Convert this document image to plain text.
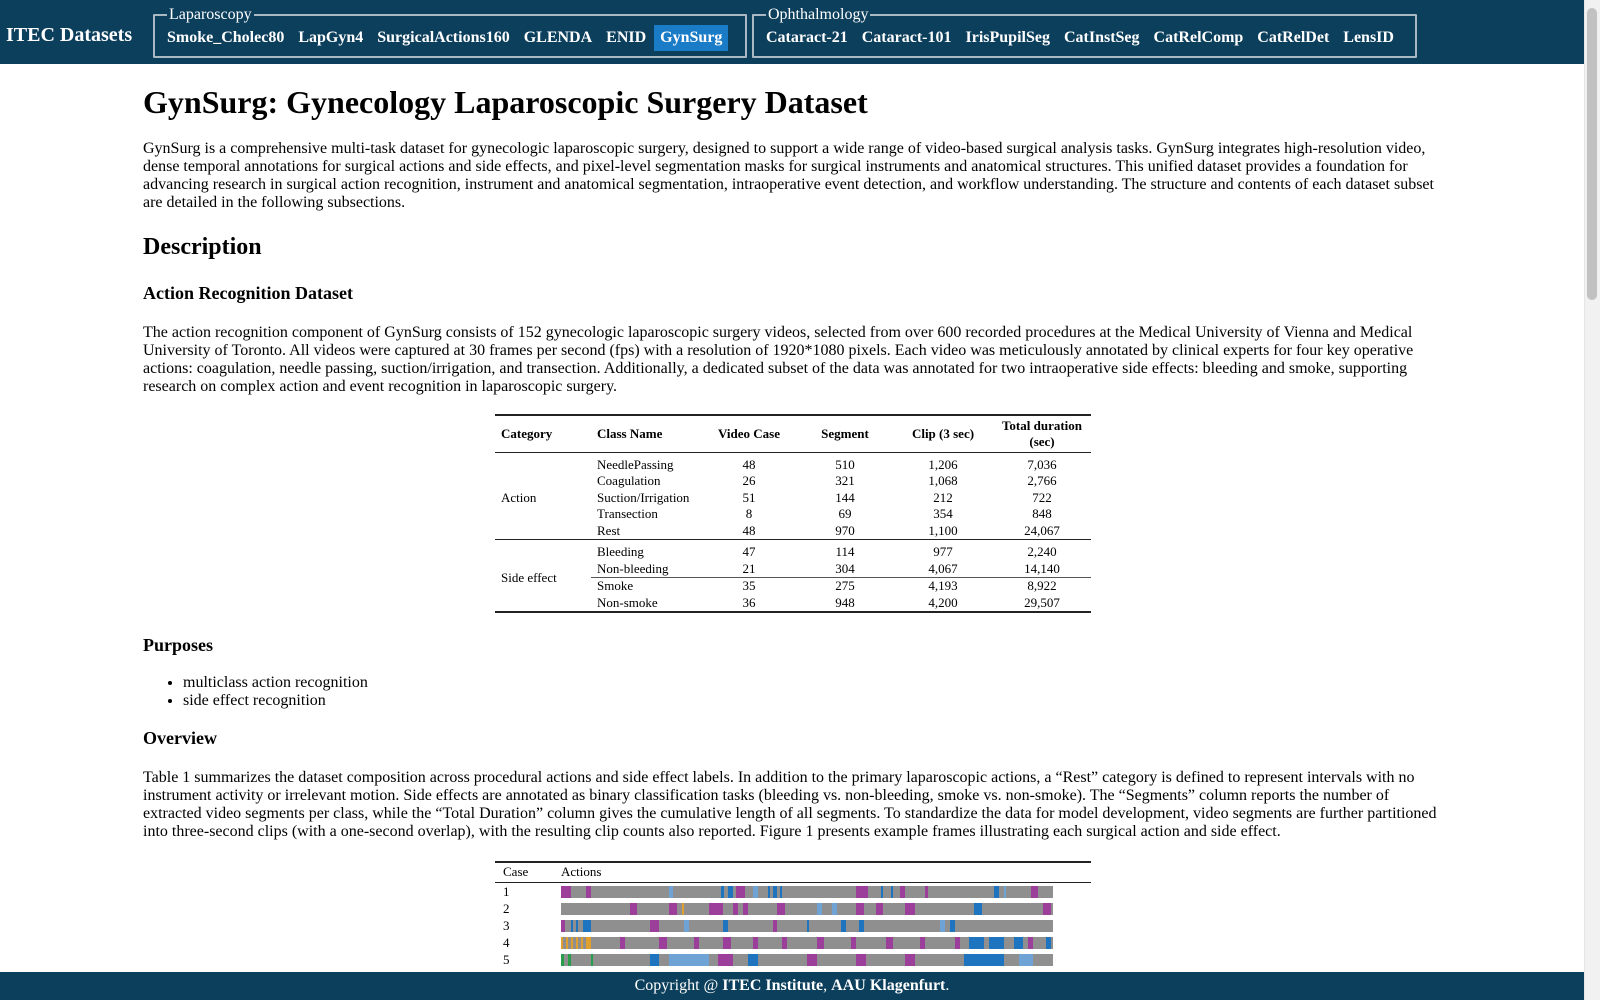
ITEC Datasets
Laparoscopy
Smoke_Cholec80 LapGyn4 SurgicalActions160 GLENDA ENID GynSurg
Ophthalmology
Cataract-21 Cataract-101 IrisPupilSeg CatInstSeg CatRelComp CatRelDet LensID
GynSurg: Gynecology Laparoscopic Surgery Dataset

GynSurg is a comprehensive multi-task dataset for gynecologic laparoscopic surgery, designed to support a wide range of video-based surgical analysis tasks. GynSurg integrates high-resolution video, dense temporal annotations for surgical actions and side effects, and pixel-level segmentation masks for surgical instruments and anatomical structures. This unified dataset provides a foundation for advancing research in surgical action recognition, instrument and anatomical segmentation, intraoperative event detection, and workflow understanding. The structure and contents of each dataset subset are detailed in the following subsections.

Description
Action Recognition Dataset

The action recognition component of GynSurg consists of 152 gynecologic laparoscopic surgery videos, selected from over 600 recorded procedures at the Medical University of Vienna and Medical University of Toronto. All videos were captured at 30 frames per second (fps) with a resolution of 1920*1080 pixels. Each video was meticulously annotated by clinical experts for four key operative actions: coagulation, needle passing, suction/irrigation, and transection. Additionally, a dedicated subset of the data was annotated for two intraoperative side effects: bleeding and smoke, supporting research on complex action and event recognition in laparoscopic surgery.

Category	Class Name	Video Case	Segment	Clip (3 sec)	Total duration (sec)
Action	NeedlePassing	48	510	1,206	7,036
	Coagulation	26	321	1,068	2,766
	Suction/Irrigation	51	144	212	722
	Transection	8	69	354	848
	Rest	48	970	1,100	24,067
Side effect	Bleeding	47	114	977	2,240
	Non-bleeding	21	304	4,067	14,140
	Smoke	35	275	4,193	8,922
	Non-smoke	36	948	4,200	29,507
Purposes
• multiclass action recognition
• side effect recognition
Overview

Table 1 summarizes the dataset composition across procedural actions and side effect labels. In addition to the primary laparoscopic actions, a “Rest” category is defined to represent intervals with no instrument activity or irrelevant motion. Side effects are annotated as binary classification tasks (bleeding vs. non-bleeding, smoke vs. non-smoke). The “Segments” column reports the number of extracted video segments per class, while the “Total Duration” column gives the cumulative length of all segments. To standardize the data for model development, video segments are further partitioned into three-second clips (with a one-second overlap), with the resulting clip counts also reported. Figure 1 presents example frames illustrating each surgical action and side effect.

Case	Actions
1
2
3
4
5
Copyright @ ITEC Institute, AAU Klagenfurt.
